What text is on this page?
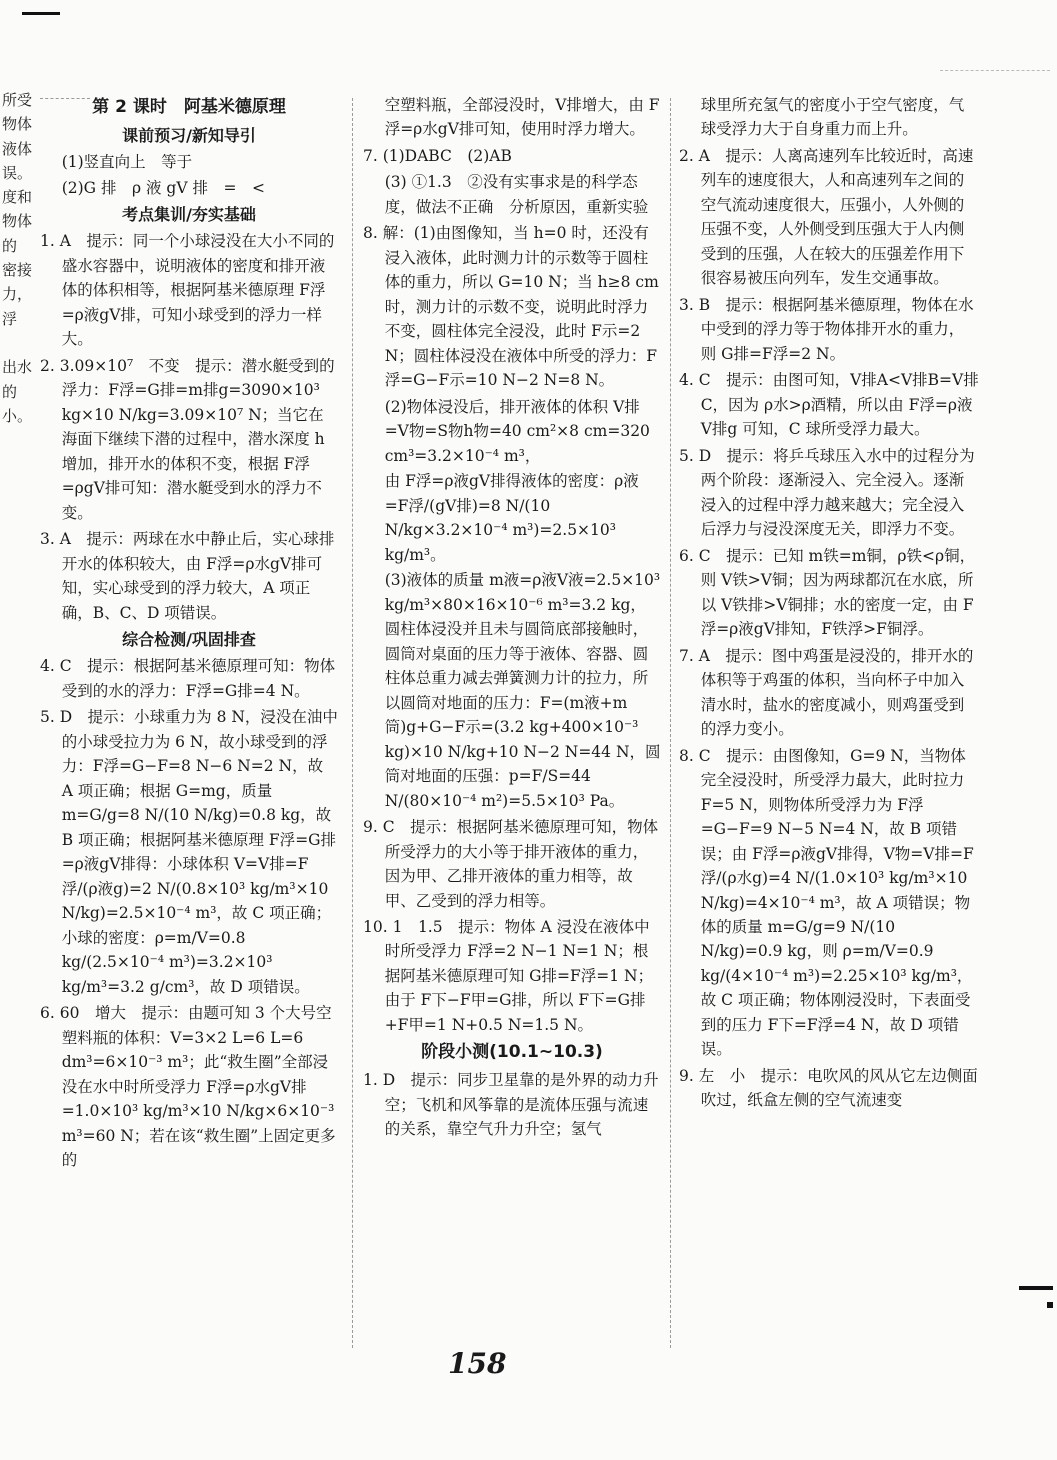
所受
物体
液体
误。
度和
物体
的
密接
力，
浮

出水
的
小。
第 2 课时　阿基米德原理
课前预习/新知导引
(1)竖直向上　等于
(2)G 排　ρ 液 gV 排　=　<
考点集训/夯实基础

1. A　提示：同一个小球浸没在大小不同的盛水容器中，说明液体的密度和排开液体的体积相等，根据阿基米德原理 F浮=ρ液gV排，可知小球受到的浮力一样大。

2. 3.09×10⁷　不变　提示：潜水艇受到的浮力：F浮=G排=m排g=3090×10³ kg×10 N/kg=3.09×10⁷ N；当它在海面下继续下潜的过程中，潜水深度 h 增加，排开水的体积不变，根据 F浮=ρgV排可知：潜水艇受到水的浮力不变。

3. A　提示：两球在水中静止后，实心球排开水的体积较大，由 F浮=ρ水gV排可知，实心球受到的浮力较大，A 项正确，B、C、D 项错误。

综合检测/巩固排查

4. C　提示：根据阿基米德原理可知：物体受到的水的浮力：F浮=G排=4 N。

5. D　提示：小球重力为 8 N，浸没在油中的小球受拉力为 6 N，故小球受到的浮力：F浮=G−F=8 N−6 N=2 N，故 A 项正确；根据 G=mg，质量 m=G/g=8 N/(10 N/kg)=0.8 kg，故 B 项正确；根据阿基米德原理 F浮=G排=ρ液gV排得：小球体积 V=V排=F浮/(ρ液g)=2 N/(0.8×10³ kg/m³×10 N/kg)=2.5×10⁻⁴ m³，故 C 项正确；小球的密度：ρ=m/V=0.8 kg/(2.5×10⁻⁴ m³)=3.2×10³ kg/m³=3.2 g/cm³，故 D 项错误。

6. 60　增大　提示：由题可知 3 个大号空塑料瓶的体积：V=3×2 L=6 L=6 dm³=6×10⁻³ m³；此“救生圈”全部浸没在水中时所受浮力 F浮=ρ水gV排=1.0×10³ kg/m³×10 N/kg×6×10⁻³ m³=60 N；若在该“救生圈”上固定更多的

空塑料瓶，全部浸没时，V排增大，由 F浮=ρ水gV排可知，使用时浮力增大。

7. (1)DABC　(2)AB

(3) ①1.3　②没有实事求是的科学态度，做法不正确　分析原因，重新实验

8. 解：(1)由图像知，当 h=0 时，还没有浸入液体，此时测力计的示数等于圆柱体的重力，所以 G=10 N；当 h≥8 cm 时，测力计的示数不变，说明此时浮力不变，圆柱体完全浸没，此时 F示=2 N；圆柱体浸没在液体中所受的浮力：F浮=G−F示=10 N−2 N=8 N。

(2)物体浸没后，排开液体的体积 V排=V物=S物h物=40 cm²×8 cm=320 cm³=3.2×10⁻⁴ m³，

由 F浮=ρ液gV排得液体的密度：ρ液=F浮/(gV排)=8 N/(10 N/kg×3.2×10⁻⁴ m³)=2.5×10³ kg/m³。

(3)液体的质量 m液=ρ液V液=2.5×10³ kg/m³×80×16×10⁻⁶ m³=3.2 kg，圆柱体浸没并且未与圆筒底部接触时，圆筒对桌面的压力等于液体、容器、圆柱体总重力减去弹簧测力计的拉力，所以圆筒对地面的压力：F=(m液+m筒)g+G−F示=(3.2 kg+400×10⁻³ kg)×10 N/kg+10 N−2 N=44 N，圆筒对地面的压强：p=F/S=44 N/(80×10⁻⁴ m²)=5.5×10³ Pa。

9. C　提示：根据阿基米德原理可知，物体所受浮力的大小等于排开液体的重力，因为甲、乙排开液体的重力相等，故甲、乙受到的浮力相等。

10. 1　1.5　提示：物体 A 浸没在液体中时所受浮力 F浮=2 N−1 N=1 N；根据阿基米德原理可知 G排=F浮=1 N；由于 F下−F甲=G排，所以 F下=G排+F甲=1 N+0.5 N=1.5 N。

阶段小测(10.1~10.3)

1. D　提示：同步卫星靠的是外界的动力升空；飞机和风筝靠的是流体压强与流速的关系，靠空气升力升空；氢气

球里所充氢气的密度小于空气密度，气球受浮力大于自身重力而上升。

2. A　提示：人离高速列车比较近时，高速列车的速度很大，人和高速列车之间的空气流动速度很大，压强小，人外侧的压强不变，人外侧受到压强大于人内侧受到的压强，人在较大的压强差作用下很容易被压向列车，发生交通事故。

3. B　提示：根据阿基米德原理，物体在水中受到的浮力等于物体排开水的重力，则 G排=F浮=2 N。

4. C　提示：由图可知，V排A<V排B=V排C，因为 ρ水>ρ酒精，所以由 F浮=ρ液V排g 可知，C 球所受浮力最大。

5. D　提示：将乒乓球压入水中的过程分为两个阶段：逐渐浸入、完全浸入。逐渐浸入的过程中浮力越来越大；完全浸入后浮力与浸没深度无关，即浮力不变。

6. C　提示：已知 m铁=m铜，ρ铁<ρ铜，则 V铁>V铜；因为两球都沉在水底，所以 V铁排>V铜排；水的密度一定，由 F浮=ρ液gV排知，F铁浮>F铜浮。

7. A　提示：图中鸡蛋是浸没的，排开水的体积等于鸡蛋的体积，当向杯子中加入清水时，盐水的密度减小，则鸡蛋受到的浮力变小。

8. C　提示：由图像知，G=9 N，当物体完全浸没时，所受浮力最大，此时拉力 F=5 N，则物体所受浮力为 F浮=G−F=9 N−5 N=4 N，故 B 项错误；由 F浮=ρ液gV排得，V物=V排=F浮/(ρ水g)=4 N/(1.0×10³ kg/m³×10 N/kg)=4×10⁻⁴ m³，故 A 项错误；物体的质量 m=G/g=9 N/(10 N/kg)=0.9 kg，则 ρ=m/V=0.9 kg/(4×10⁻⁴ m³)=2.25×10³ kg/m³，故 C 项正确；物体刚浸没时，下表面受到的压力 F下=F浮=4 N，故 D 项错误。

9. 左　小　提示：电吹风的风从它左边侧面吹过，纸盒左侧的空气流速变

158
